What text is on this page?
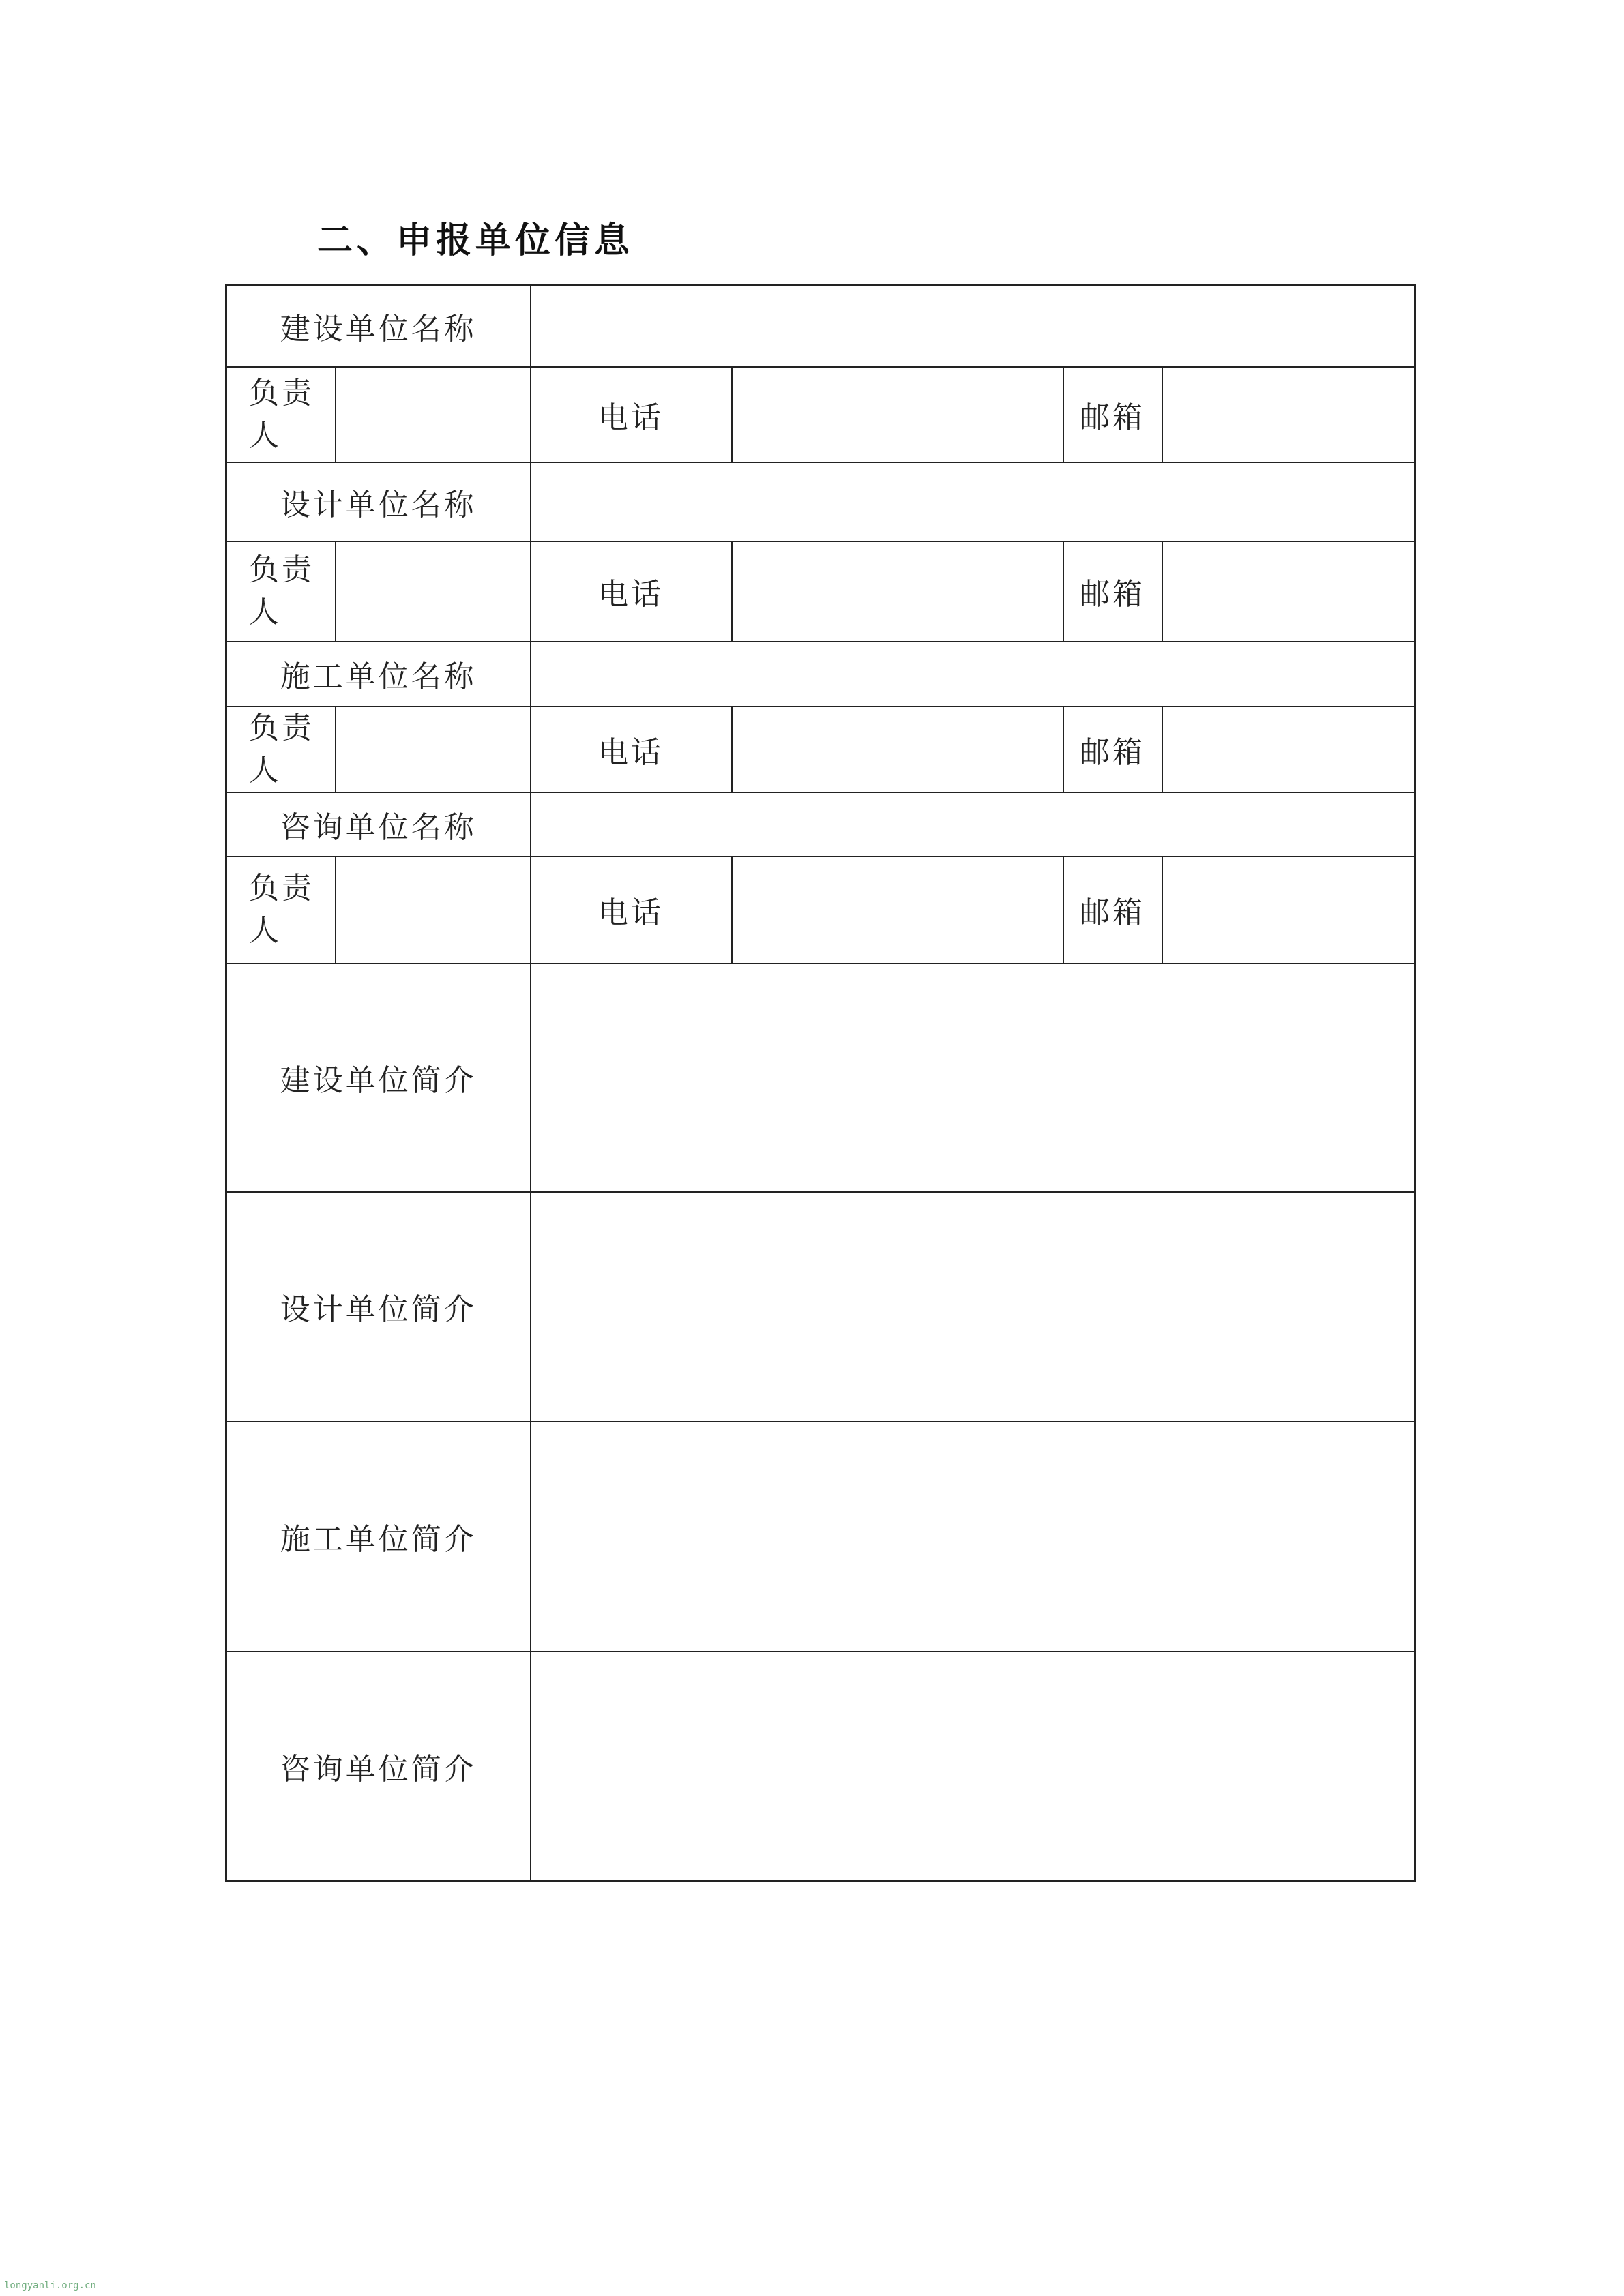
二、申报单位信息
建设单位名称					
负责人		电话		邮箱	
设计单位名称					
负责人		电话		邮箱	
施工单位名称					
负责人		电话		邮箱	
咨询单位名称					
负责人		电话		邮箱	
建设单位简介					
设计单位简介					
施工单位简介					
咨询单位简介					
longyanli.org.cn
